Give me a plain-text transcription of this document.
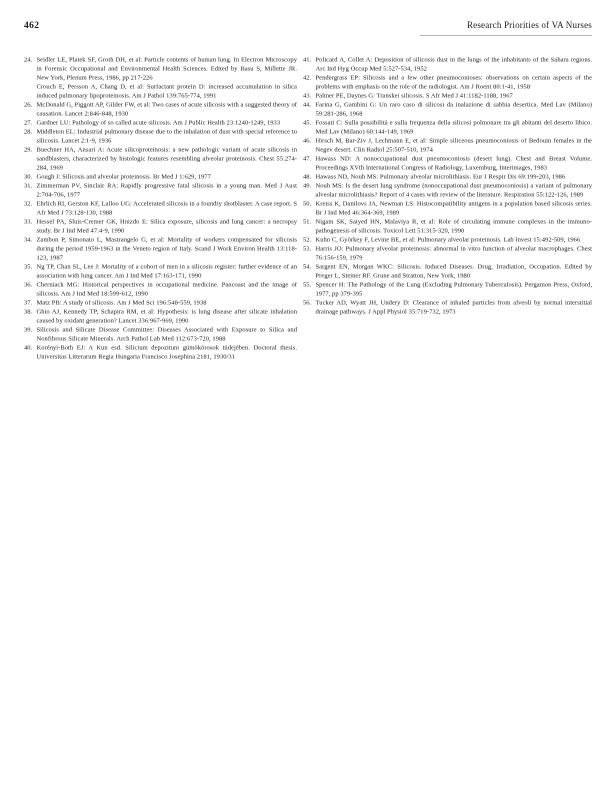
462	Research Priorities of VA Nurses
24. Seidler LE, Platek SF, Groth DH, et al: Particle contents of human lung. In Electron Microscopy in Forensic Occupational and Environmental Health Sciences. Edited by Basu S, Millette JR. New York, Plenum Press, 1986, pp 217-226
Crouch E, Persson A, Chang D, et al: Surfactant protein D: increased accumulation in silica induced pulmonary lipoproteinosis. Am J Pathol 139:765-774, 1991
26. McDonald G, Piggott AP, Gilder FW, et al: Two cases of acute silicosis with a suggested theory of causation. Lancet 2:846-848, 1930
27. Gardner LU: Pathology of so called acute silicosis. Am J Public Health 23:1240-1249, 1933
28. Middleton EL: Industrial pulmonary disease due to the inhalation of dust with special reference to silicosis. Lancet 2:1-9, 1936
29. Buechner HA, Ansari A: Acute silicoproteinosis: a new pathologic variant of acute silicosis in sandblasters, characterized by histologic features resembling alveolar proteinosis. Chest 55:274-284, 1969
30. Gough J: Silicosis and alveolar proteinosis. Br Med J 1:629, 1977
31. Zimmerman PV, Sinclair RA: Rapidly progressive fatal silicosis in a young man. Med J Aust 2:704-706, 1977
32. Ehrlich RI, Gerston KF, Lalloo UG: Accelerated silicosis in a foundry shotblaster. A case report. S Afr Med J 73:128-130, 1988
33. Hessel PA, Sluis-Cremer GK, Hnizdo E: Silica exposure, silicosis and lung cancer: a necropsy study. Br J Ind Med 47:4-9, 1990
34. Zambon P, Simonato L, Mastrangelo G, et al: Mortality of workers compensated for silicosis during the period 1959-1963 in the Veneto region of Italy. Scand J Work Environ Health 13:118-123, 1987
35. Ng TP, Chan SL, Lee J: Mortality of a cohort of men in a silicosis register: further evidence of an association with lung cancer. Am J Ind Med 17:163-171, 1990
36. Cherniack MG: Historical perspectives in occupational medicine. Pancoast and the image of silicosis. Am J Ind Med 18:599-612, 1990
37. Matz PB: A study of silicosis. Am J Med Sci 196:548-559, 1938
38. Ghio AJ, Kennedy TP, Schapira RM, et al: Hypothesis: is lung disease after silicate inhalation caused by oxidant generation? Lancet 336:967-969, 1990
39. Silicosis and Silicate Disease Committee: Diseases Associated with Exposure to Silica and Nonfibrous Silicate Minerals. Arch Pathol Lab Med 112:673-720, 1988
40. Korényi-Both EJ: A Kun esd. Silicium depozitum gümökórosok tüdejében. Doctoral thesis. Universitas Litterarum Regia Hungaria Francisco Josephina 2181, 1930/31
41. Policard A, Collet A: Deposition of silicosis dust in the lungs of the inhabitants of the Sahara regions. Arc Ind Hyg Occup Med 5:527-534, 1952
42. Pendergrass EP: Silicosis and a few other pneumoconioses: observations on certain aspects of the problems with emphasis on the role of the radiologist. Am J Roent 80:1-41, 1958
43. Palmer PE, Daynes G: Transkei silicosis. S Afr Med J 41:1182-1188, 1967
44. Farina G, Gambini G: Un raro caso di silicosi da inalazione di sabbia desertica. Med Lav (Milano) 59:281-286, 1968
45. Fossati C: Sulla possibilità e sulla frequenza della silicosi polmonare tra gli abitanti del deserto libico. Med Lav (Milano) 60:144-149, 1969
46. Hirsch M, Bar-Ziv J, Lechmann E, et al: Simple siliceous pneumoconiosis of Bedouin females in the Negev desert. Clin Radiol 25:507-510, 1974
47. Hawass ND: A nonoccupational dust pneumoconiosis (desert lung). Chest and Breast Volume. Proceedings XVth International Congress of Radiology, Luxemburg, Interimages, 1983
48. Hawass ND, Nouh MS: Pulmonary alveolar microlithiasis. Eur J Respir Dis 69:199-203, 1986
49. Nouh MS: Is the desert lung syndrome (nonoccupational dust pneumoconiosis) a variant of pulmonary alveolar microlithiasis? Report of 4 cases with review of the literature. Respiration 55:122-126, 1989
50. Kreiss K, Danilovs JA, Newman LS: Histocompatibility antigens in a population based silicosis series. Br J Ind Med 46:364-369, 1989
51. Nigam SK, Saiyed HN, Malaviya R, et al: Role of circulating immune complexes in the immuno-pathogenesis of silicosis. Toxicol Lett 51:315-320, 1990
52. Kuhn C, Györkey F, Levine BE, et al: Pulmonary alveolar proteinosis. Lab Invest 15:492-509, 1966
53. Harris JO: Pulmonary alveolar proteinosis: abnormal in vitro function of alveolar macrophages. Chest 76:156-159, 1979
54. Sargent EN, Morgan WKC: Silicosis. Induced Diseases. Drug, Irradiation, Occupation. Edited by Preger L, Steiner RF. Grune and Stratton, New York, 1980
55. Spencer H: The Pathology of the Lung (Excluding Pulmonary Tuberculosis). Pergamon Press, Oxford, 1977, pp 379-395
56. Tucker AD, Wyatt JH, Undery D: Clearance of inhaled particles from alveoli by normal interstitial drainage pathways. J Appl Physiol 35:719-732, 1973
